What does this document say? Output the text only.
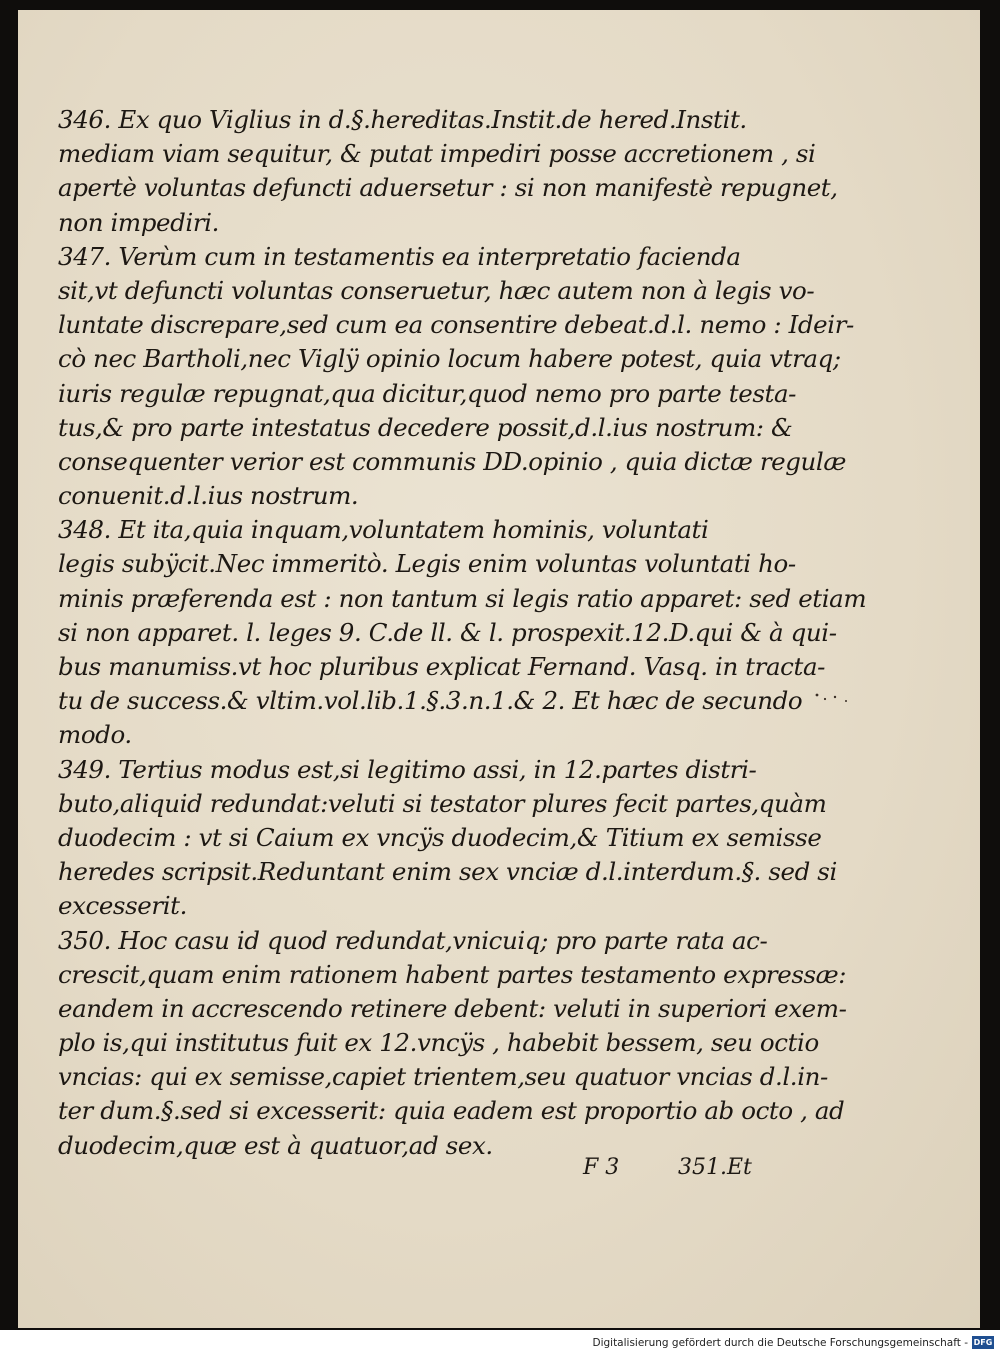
346. Ex quo Viglius in d.§.hereditas.Instit.de hered.Instit.
mediam viam sequitur, & putat impediri posse accretionem , si
apertè voluntas defuncti aduersetur : si non manifestè repugnet,
non impediri.
347. Verùm cum in testamentis ea interpretatio facienda
sit,vt defuncti voluntas conseruetur, hæc autem non à legis vo-
luntate discrepare,sed cum ea consentire debeat.d.l. nemo : Ideir-
cò nec Bartholi,nec Viglÿ opinio locum habere potest, quia vtraq;
iuris regulæ repugnat,qua dicitur,quod nemo pro parte testa-
tus,& pro parte intestatus decedere possit,d.l.ius nostrum: &
consequenter verior est communis DD.opinio , quia dictæ regulæ
conuenit.d.l.ius nostrum.
348. Et ita,quia inquam,voluntatem hominis, voluntati
legis subÿcit.Nec immeritò. Legis enim voluntas voluntati ho-
minis præferenda est : non tantum si legis ratio apparet: sed etiam
si non apparet. l. leges 9. C.de ll. & l. prospexit.12.D.qui & à qui-
bus manumiss.vt hoc pluribus explicat Fernand. Vasq. in tracta-
tu de success.& vltim.vol.lib.1.§.3.n.1.& 2. Et hæc de secundo
modo.
349. Tertius modus est,si legitimo assi, in 12.partes distri-
buto,aliquid redundat:veluti si testator plures fecit partes,quàm
duodecim : vt si Caium ex vncÿs duodecim,& Titium ex semisse
heredes scripsit.Reduntant enim sex vnciæ d.l.interdum.§. sed si
excesserit.
350. Hoc casu id quod redundat,vnicuiq; pro parte rata ac-
crescit,quam enim rationem habent partes testamento expressæ:
eandem in accrescendo retinere debent: veluti in superiori exem-
plo is,qui institutus fuit ex 12.vncÿs , habebit bessem, seu octio
vncias: qui ex semisse,capiet trientem,seu quatuor vncias d.l.in-
ter dum.§.sed si excesserit: quia eadem est proportio ab octo , ad
duodecim,quæ est à quatuor,ad sex.
F 3	351.Et
Digitalisierung gefördert durch die Deutsche Forschungsgemeinschaft - DFG
